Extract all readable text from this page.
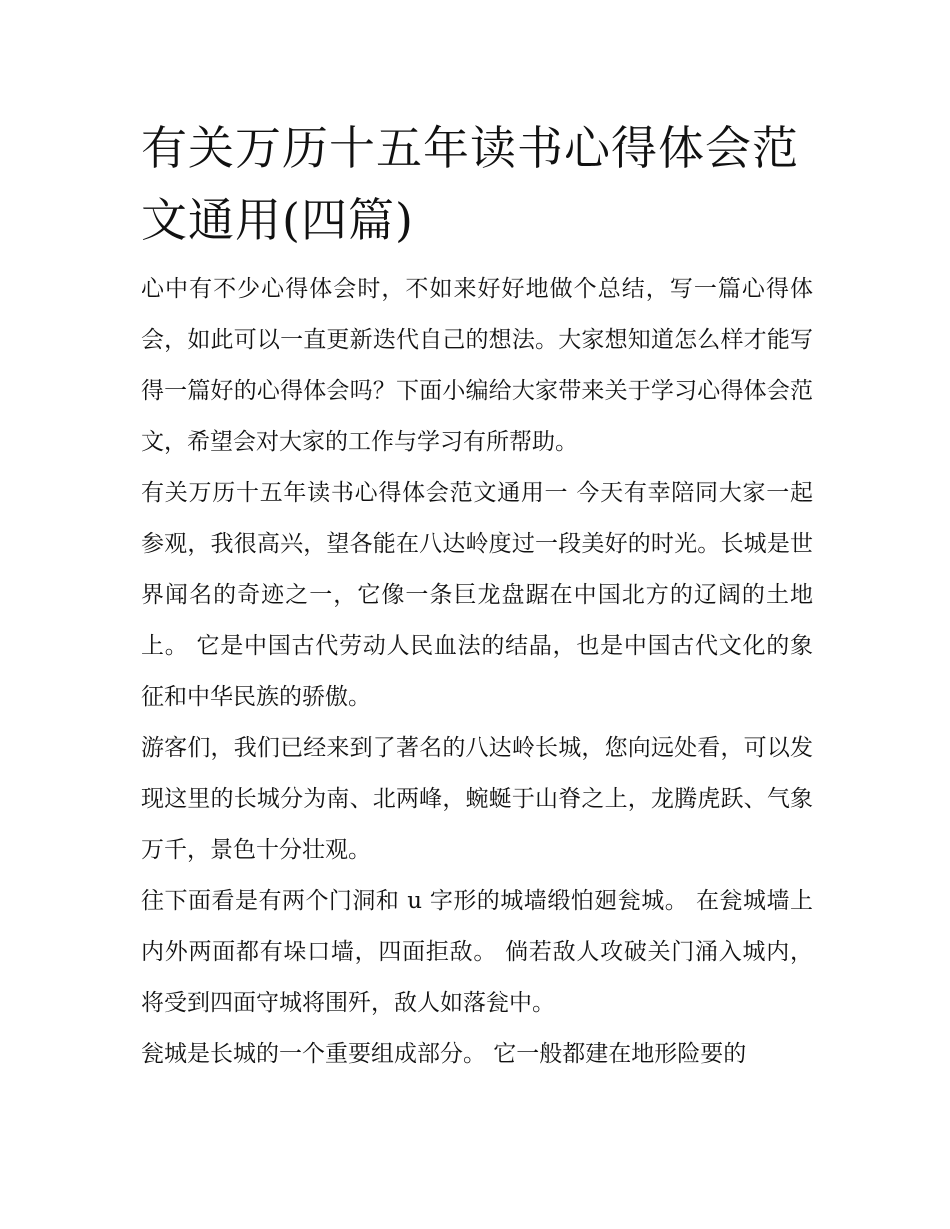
有关万历十五年读书心得体会范文通用(四篇)

心中有不少心得体会时，不如来好好地做个总结，写一篇心得体会，如此可以一直更新迭代自己的想法。大家想知道怎么样才能写得一篇好的心得体会吗？下面小编给大家带来关于学习心得体会范文，希望会对大家的工作与学习有所帮助。

有关万历十五年读书心得体会范文通用一 今天有幸陪同大家一起参观，我很高兴，望各能在八达岭度过一段美好的时光。长城是世界闻名的奇迹之一，它像一条巨龙盘踞在中国北方的辽阔的土地上。 它是中国古代劳动人民血法的结晶，也是中国古代文化的象征和中华民族的骄傲。

游客们，我们已经来到了著名的八达岭长城，您向远处看，可以发现这里的长城分为南、北两峰，蜿蜒于山脊之上，龙腾虎跃、气象万千，景色十分壮观。

往下面看是有两个门洞和 u 字形的城墙缎怕㢠瓮城。 在瓮城墙上内外两面都有垛口墙，四面拒敌。 倘若敌人攻破关门涌入城内，将受到四面守城将围歼，敌人如落瓮中。

瓮城是长城的一个重要组成部分。 它一般都建在地形险要的
